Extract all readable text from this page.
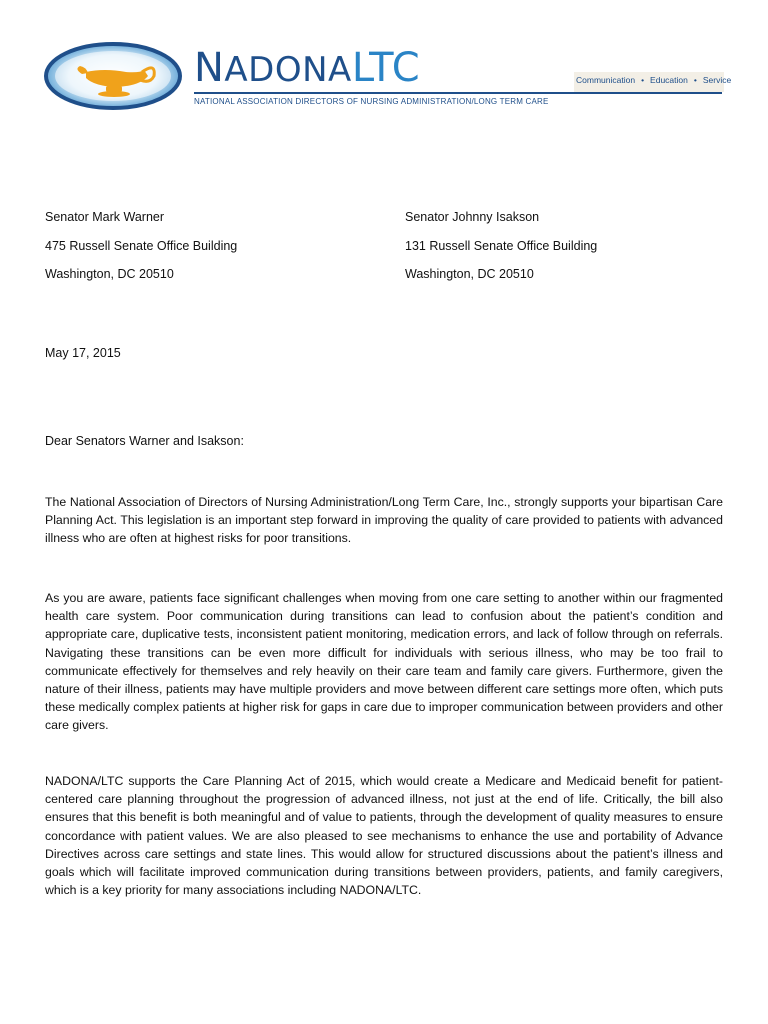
NADONALTC	Communication • Education • Service
NATIONAL ASSOCIATION DIRECTORS OF NURSING ADMINISTRATION/LONG TERM CARE
Senator Mark Warner
475 Russell Senate Office Building
Washington, DC 20510
Senator Johnny Isakson
131 Russell Senate Office Building
Washington, DC 20510
May 17, 2015
Dear Senators Warner and Isakson:

The National Association of Directors of Nursing Administration/Long Term Care, Inc., strongly supports your bipartisan Care Planning Act. This legislation is an important step forward in improving the quality of care provided to patients with advanced illness who are often at highest risks for poor transitions.

As you are aware, patients face significant challenges when moving from one care setting to another within our fragmented health care system. Poor communication during transitions can lead to confusion about the patient’s condition and appropriate care, duplicative tests, inconsistent patient monitoring, medication errors, and lack of follow through on referrals. Navigating these transitions can be even more difficult for individuals with serious illness, who may be too frail to communicate effectively for themselves and rely heavily on their care team and family care givers. Furthermore, given the nature of their illness, patients may have multiple providers and move between different care settings more often, which puts these medically complex patients at higher risk for gaps in care due to improper communication between providers and other care givers.

NADONA/LTC supports the Care Planning Act of 2015, which would create a Medicare and Medicaid benefit for patient-centered care planning throughout the progression of advanced illness, not just at the end of life. Critically, the bill also ensures that this benefit is both meaningful and of value to patients, through the development of quality measures to ensure concordance with patient values. We are also pleased to see mechanisms to enhance the use and portability of Advance Directives across care settings and state lines. This would allow for structured discussions about the patient’s illness and goals which will facilitate improved communication during transitions between providers, patients, and family caregivers, which is a key priority for many associations including NADONA/LTC.
